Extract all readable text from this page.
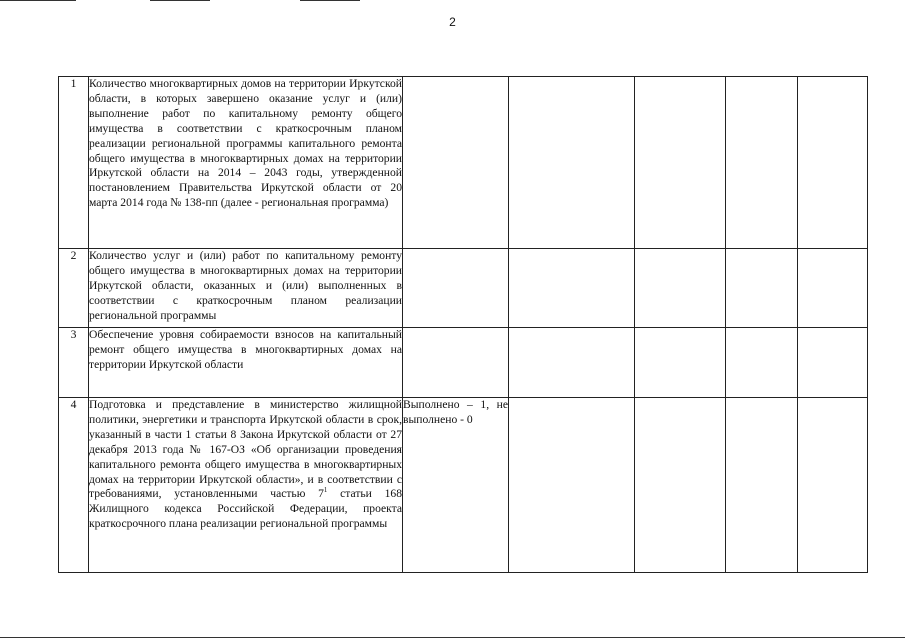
2
1	Количество многоквартирных домов на территории Иркутской области, в которых завершено оказание услуг и (или) выполнение работ по капитальному ремонту общего имущества в соответствии с краткосрочным планом реализации региональной программы капитального ремонта общего имущества в многоквартирных домах на территории Иркутской области на 2014 – 2043 годы, утвержденной постановлением Правительства Иркутской области от 20 марта 2014 года № 138-пп (далее - региональная программа)					
2	Количество услуг и (или) работ по капитальному ремонту общего имущества в многоквартирных домах на территории Иркутской области, оказанных и (или) выполненных в соответствии с краткосрочным планом реализации региональной программы					
3	Обеспечение уровня собираемости взносов на капитальный ремонт общего имущества в многоквартирных домах на территории Иркутской области					
4	Подготовка и представление в министерство жилищной политики, энергетики и транспорта Иркутской области в срок, указанный в части 1 статьи 8 Закона Иркутской области от 27 декабря 2013 года № 167-ОЗ «Об организации проведения капитального ремонта общего имущества в многоквартирных домах на территории Иркутской области», и в соответствии с требованиями, установленными частью $7^1$ статьи 168 Жилищного кодекса Российской Федерации, проекта краткосрочного плана реализации региональной программы	Выполнено – 1, не выполнено - 0				
